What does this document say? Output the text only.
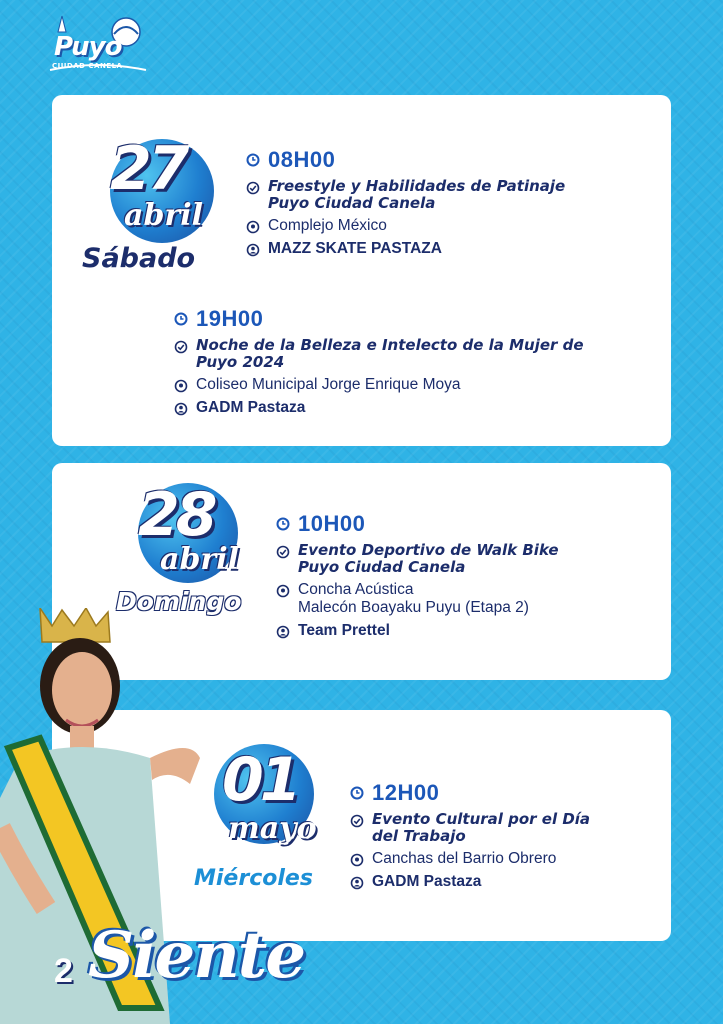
Puyo
CIUDAD CANELA
27
abril
Sábado
08H00
Freestyle y Habilidades de Patinaje
Puyo Ciudad Canela
Complejo México
MAZZ SKATE PASTAZA
19H00
Noche de la Belleza e Intelecto de la Mujer de
Puyo 2024
Coliseo Municipal Jorge Enrique Moya
GADM Pastaza
28
abril
Domingo
10H00
Evento Deportivo de Walk Bike
Puyo Ciudad Canela
Concha Acústica
Malecón Boayaku Puyu (Etapa 2)
Team Prettel
01
mayo
Miércoles
12H00
Evento Cultural por el Día
del Trabajo
Canchas del Barrio Obrero
GADM Pastaza
2 Siente
